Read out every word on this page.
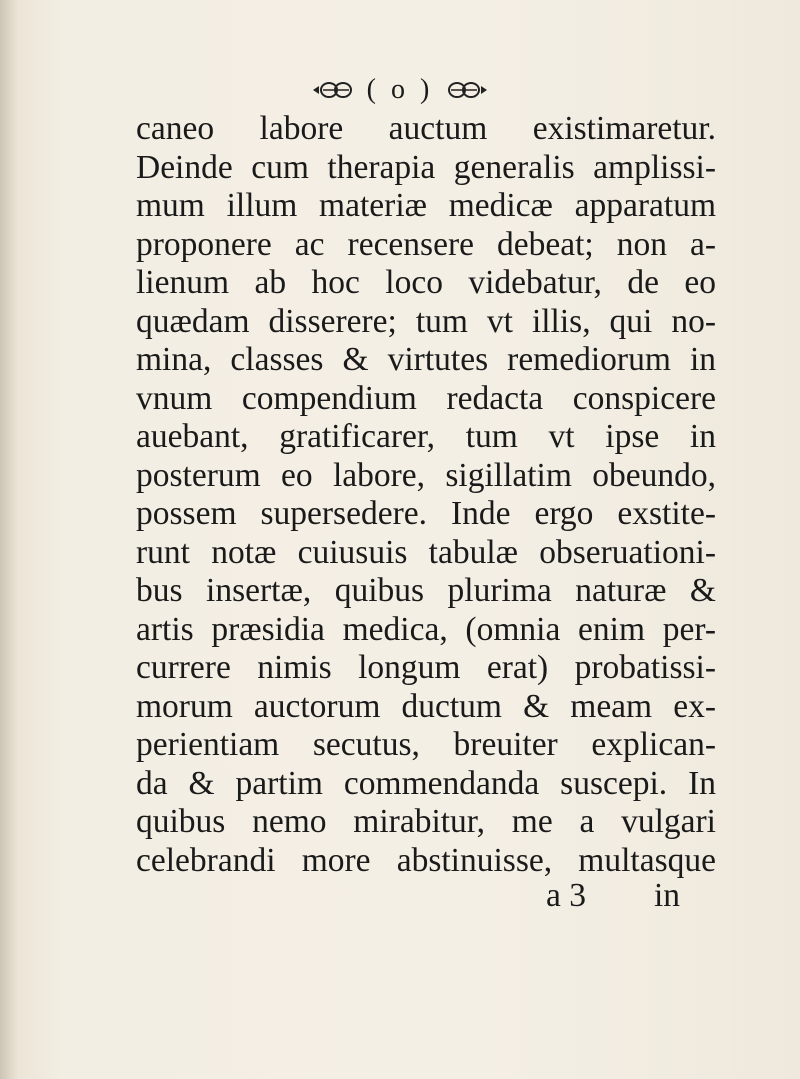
( o )
caneo labore auctum existimaretur.
Deinde cum therapia generalis amplissi-
mum illum materiæ medicæ apparatum
proponere ac recensere debeat; non a-
lienum ab hoc loco videbatur, de eo
quædam disserere; tum vt illis, qui no-
mina, classes & virtutes remediorum in
vnum compendium redacta conspicere
auebant, gratificarer, tum vt ipse in
posterum eo labore, sigillatim obeundo,
possem supersedere. Inde ergo exstite-
runt notæ cuiusuis tabulæ obseruationi-
bus insertæ, quibus plurima naturæ &
artis præsidia medica, (omnia enim per-
currere nimis longum erat) probatissi-
morum auctorum ductum & meam ex-
perientiam secutus, breuiter explican-
da & partim commendanda suscepi. In
quibus nemo mirabitur, me a vulgari
celebrandi more abstinuisse, multasque
a 3 in
